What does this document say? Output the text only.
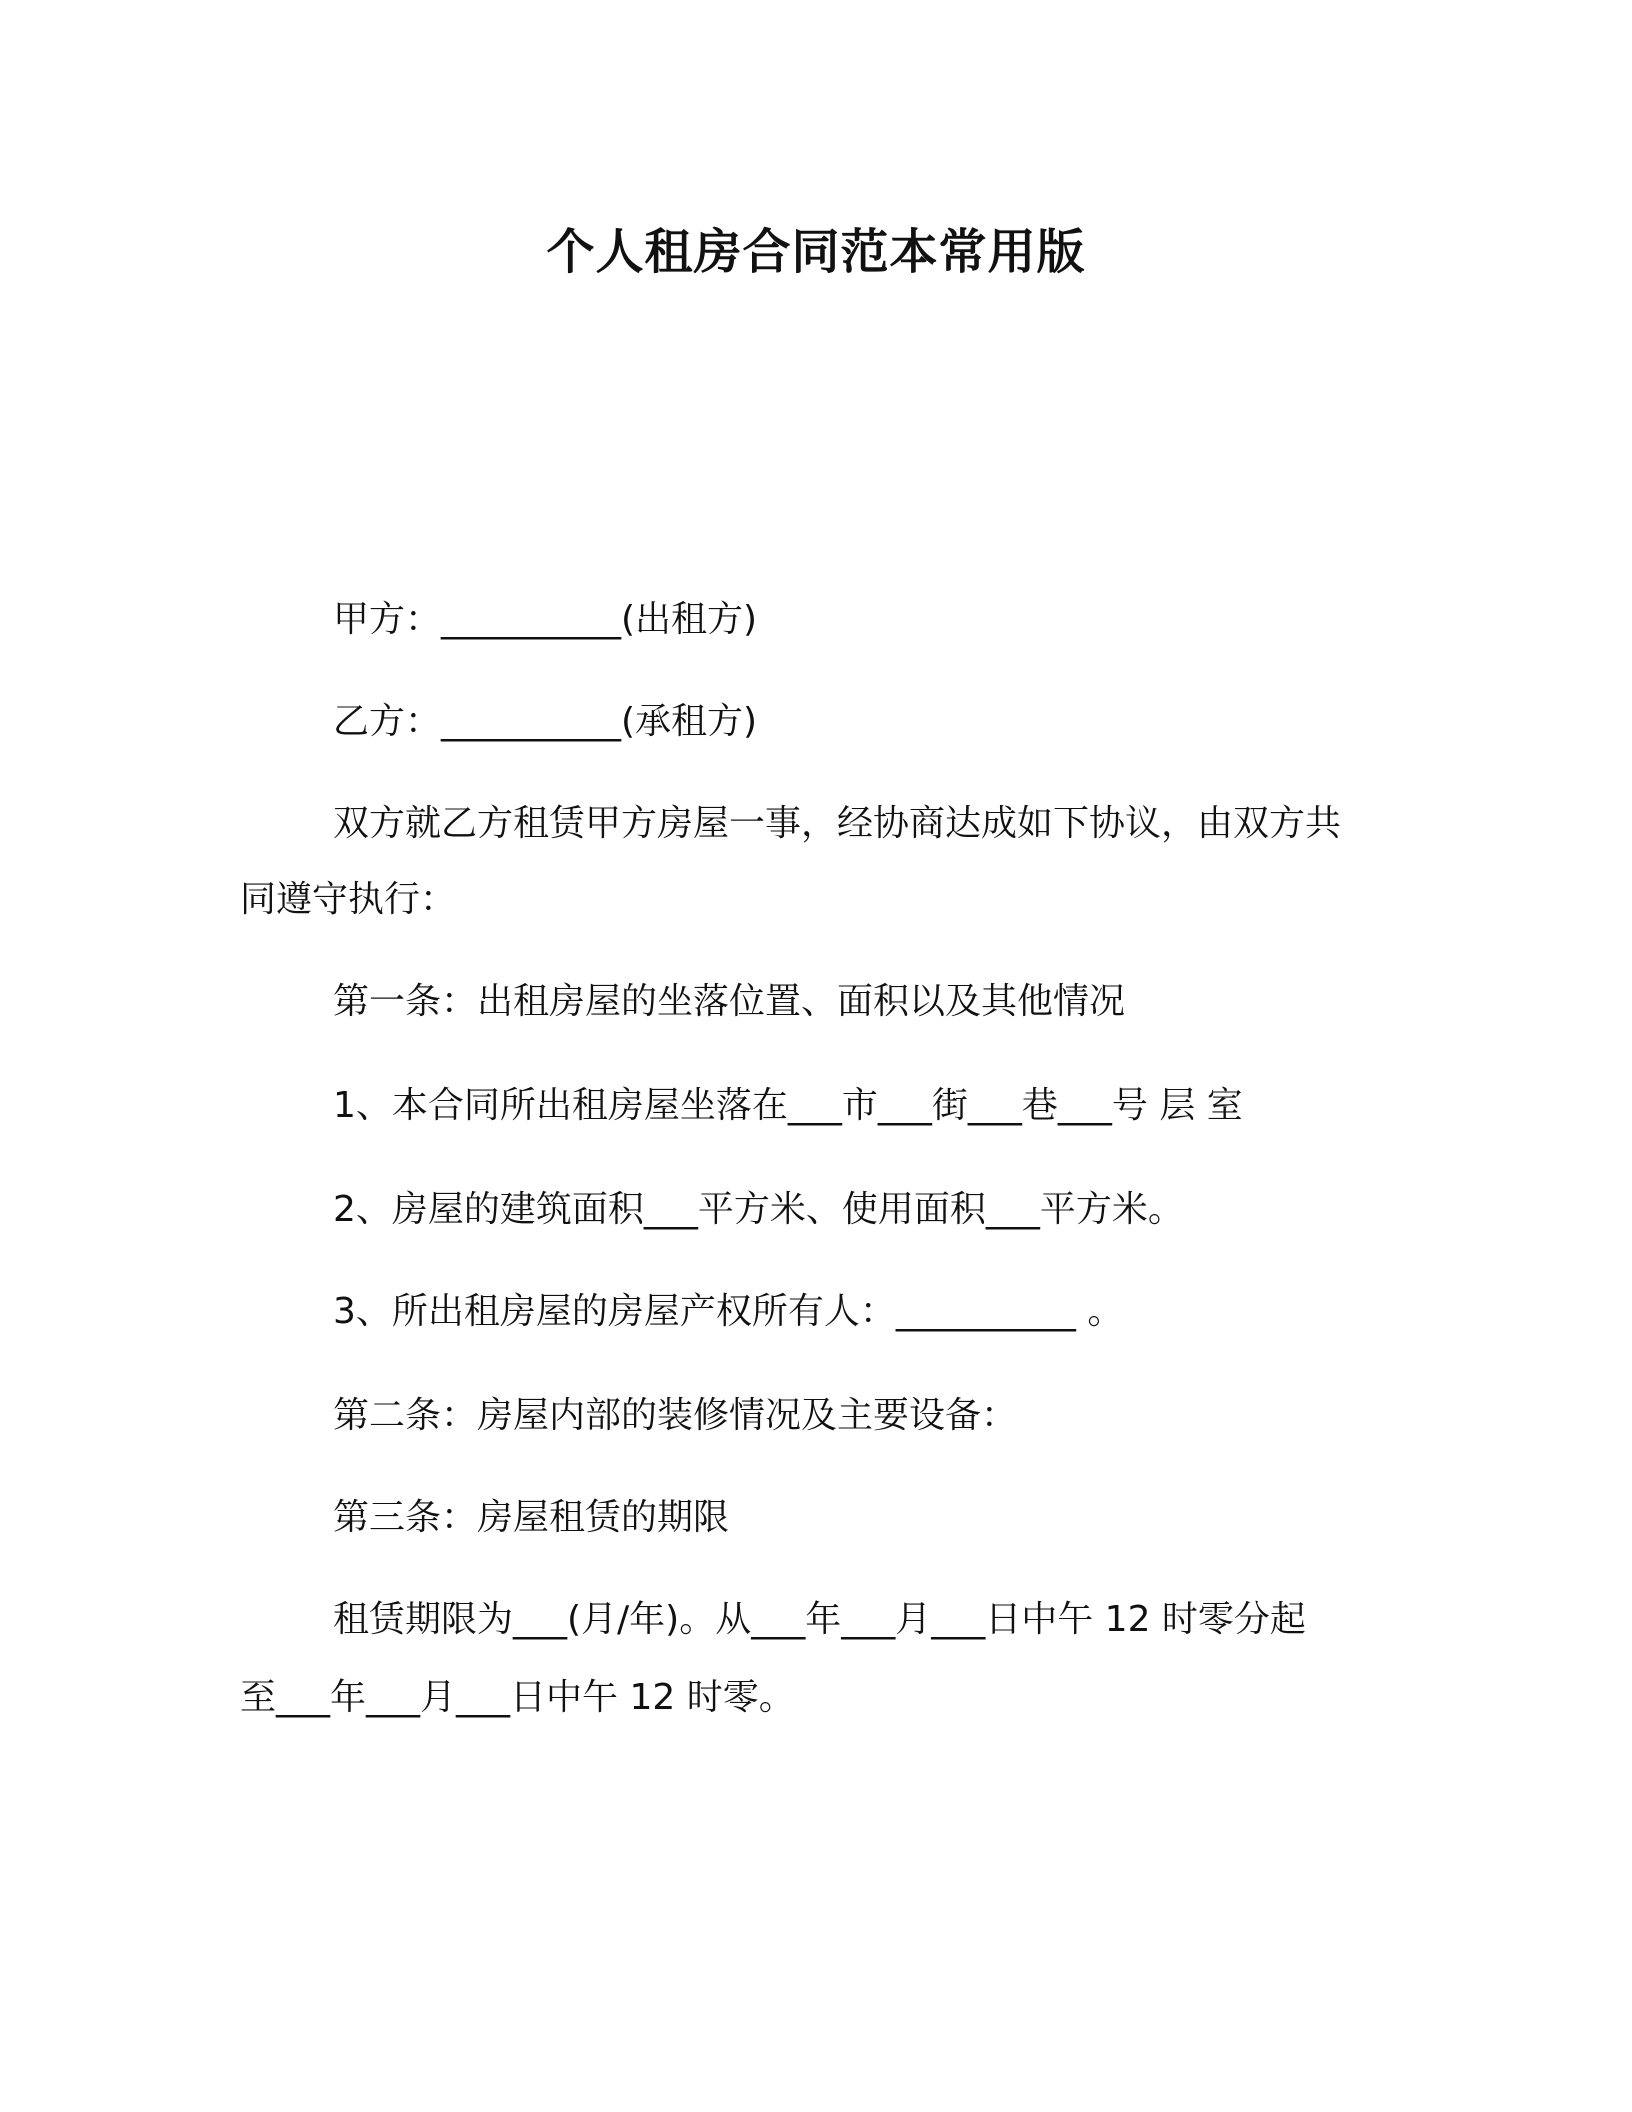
个人租房合同范本常用版

甲方：__________(出租方)

乙方：__________(承租方)

双方就乙方租赁甲方房屋一事，经协商达成如下协议，由双方共

同遵守执行：

第一条：出租房屋的坐落位置、面积以及其他情况

1、本合同所出租房屋坐落在___市___街___巷___号 层 室

2、房屋的建筑面积___平方米、使用面积___平方米。

3、所出租房屋的房屋产权所有人：__________ 。

第二条：房屋内部的装修情况及主要设备：

第三条：房屋租赁的期限

租赁期限为___(月/年)。从___年___月___日中午 12 时零分起

至___年___月___日中午 12 时零。
